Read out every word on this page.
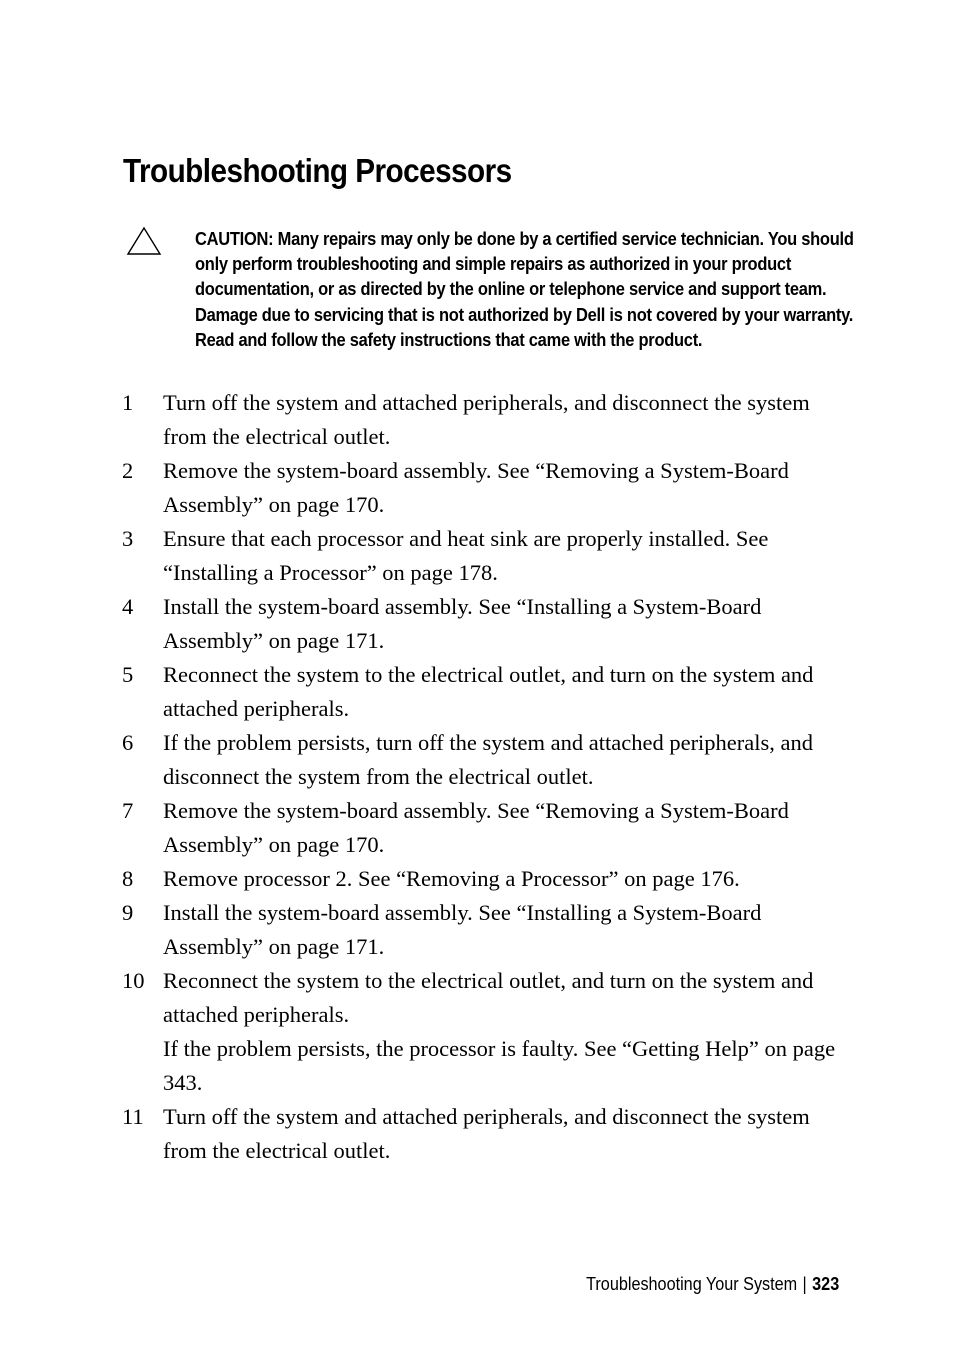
Troubleshooting Processors

CAUTION: Many repairs may only be done by a certified service technician. You should only perform troubleshooting and simple repairs as authorized in your product documentation, or as directed by the online or telephone service and support team. Damage due to servicing that is not authorized by Dell is not covered by your warranty. Read and follow the safety instructions that came with the product.

1 Turn off the system and attached peripherals, and disconnect the system from the electrical outlet.
2 Remove the system-board assembly. See “Removing a System-Board Assembly” on page 170.
3 Ensure that each processor and heat sink are properly installed. See “Installing a Processor” on page 178.
4 Install the system-board assembly. See “Installing a System-Board Assembly” on page 171.
5 Reconnect the system to the electrical outlet, and turn on the system and attached peripherals.
6 If the problem persists, turn off the system and attached peripherals, and disconnect the system from the electrical outlet.
7 Remove the system-board assembly. See “Removing a System-Board Assembly” on page 170.
8 Remove processor 2. See “Removing a Processor” on page 176.
9 Install the system-board assembly. See “Installing a System-Board Assembly” on page 171.
10 Reconnect the system to the electrical outlet, and turn on the system and attached peripherals.
If the problem persists, the processor is faulty. See “Getting Help” on page 343.
11 Turn off the system and attached peripherals, and disconnect the system from the electrical outlet.
Troubleshooting Your System | 323
